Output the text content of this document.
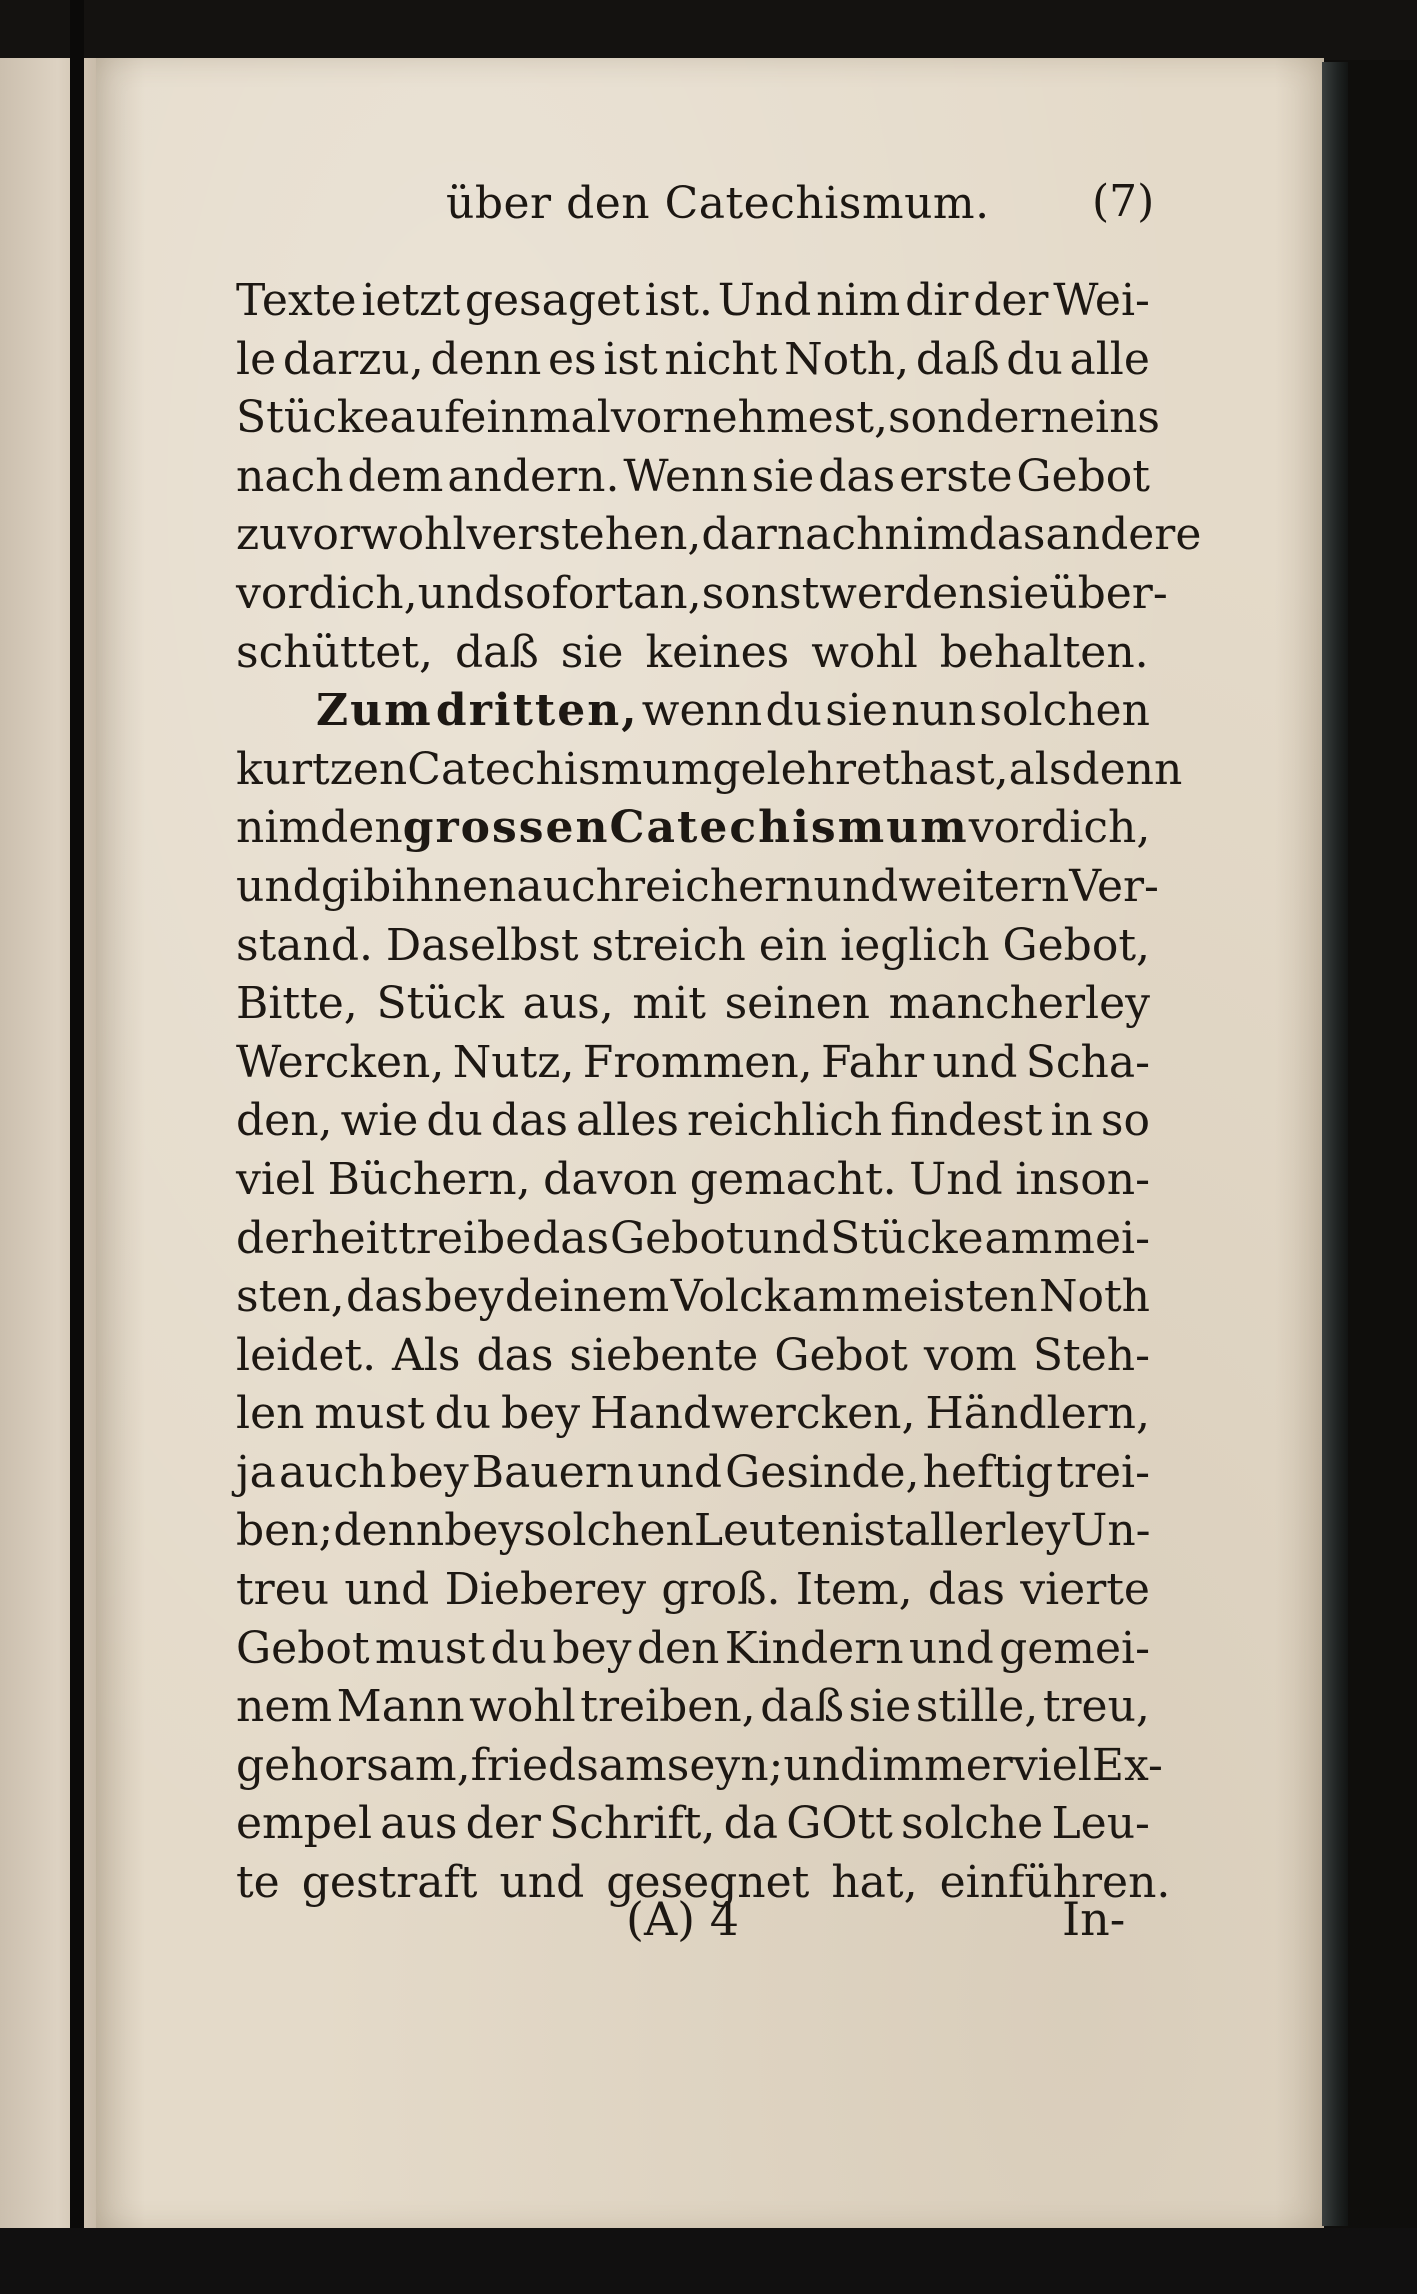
über den Catechismum. (7)
Texte ietzt gesaget ist. Und nim dir der Wei-
le darzu, denn es ist nicht Noth, daß du alle
Stücke auf einmal vornehmest, sondern eins
nach dem andern. Wenn sie das erste Gebot
zuvor wohl verstehen, darnach nim das andere
vor dich, und so fort an, sonst werden sie über-
schüttet, daß sie keines wohl behalten.
Zum dritten, wenn du sie nun solchen
kurtzen Catechismum gelehret hast, alsdenn
nim den grossen Catechismum vor dich,
und gib ihnen auch reichern und weitern Ver-
stand. Daselbst streich ein ieglich Gebot,
Bitte, Stück aus, mit seinen mancherley
Wercken, Nutz, Frommen, Fahr und Scha-
den, wie du das alles reichlich findest in so
viel Büchern, davon gemacht. Und inson-
derheit treibe das Gebot und Stücke am mei-
sten, das bey deinem Volck am meisten Noth
leidet. Als das siebente Gebot vom Steh-
len must du bey Handwercken, Händlern,
ja auch bey Bauern und Gesinde, heftig trei-
ben; denn bey solchen Leuten ist allerley Un-
treu und Dieberey groß. Item, das vierte
Gebot must du bey den Kindern und gemei-
nem Mann wohl treiben, daß sie stille, treu,
gehorsam, friedsam seyn; und immer viel Ex-
empel aus der Schrift, da GOtt solche Leu-
te gestraft und gesegnet hat, einführen.
(A) 4	In-
